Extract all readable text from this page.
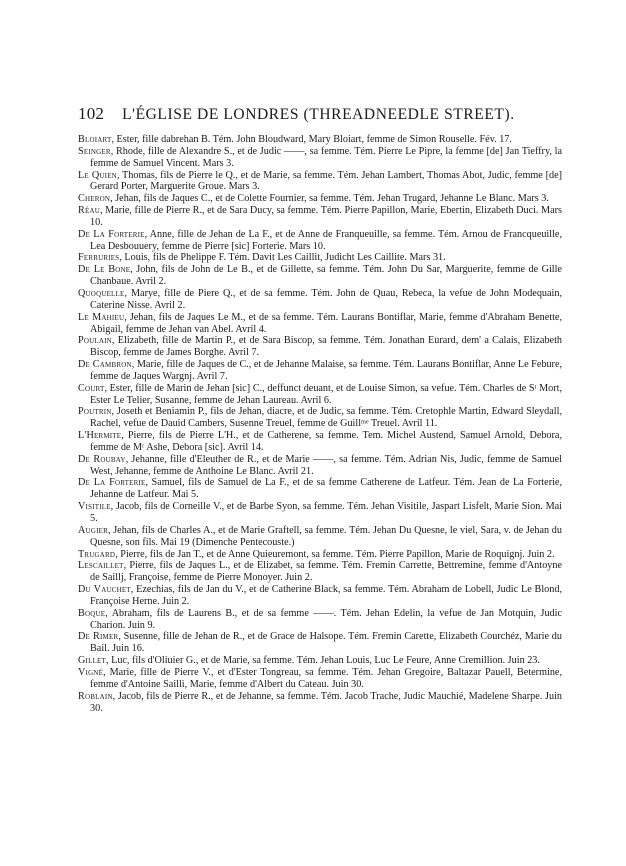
102 L'ÉGLISE DE LONDRES (THREADNEEDLE STREET).

Bloiart, Ester, fille dabrehan B. Tém. John Bloudward, Mary Bloiart, femme de Simon Rouselle. Fév. 17.

Seinger, Rhode, fille de Alexandre S., et de Judic ——, sa femme. Tém. Pierre Le Pipre, la femme [de] Jan Tieffry, la femme de Samuel Vincent. Mars 3.

Le Quien, Thomas, fils de Pierre le Q., et de Marie, sa femme. Tém. Jehan Lambert, Thomas Abot, Judic, femme [de] Gerard Porter, Marguerite Groue. Mars 3.

Cheron, Jehan, fils de Jaques C., et de Colette Fournier, sa femme. Tém. Jehan Trugard, Jehanne Le Blanc. Mars 3.

Réau, Marie, fille de Pierre R., et de Sara Ducy, sa femme. Tém. Pierre Papillon, Marie, Ebertin, Elizabeth Duci. Mars 10.

De La Forterie, Anne, fille de Jehan de La F., et de Anne de Franqueuille, sa femme. Tém. Arnou de Francqueuille, Lea Desbouuery, femme de Pierre [sic] Forterie. Mars 10.

Ferruries, Louis, fils de Phelippe F. Tém. Davit Les Caillit, Judicht Les Caillite. Mars 31.

De Le Bone, John, fils de John de Le B., et de Gillette, sa femme. Tém. John Du Sar, Marguerite, femme de Gille Chanbaue. Avril 2.

Quoquelle, Marye, fille de Piere Q., et de sa femme. Tém. John de Quau, Rebeca, la vefue de John Modequain, Caterine Nisse. Avril 2.

Le Mahieu, Jehan, fils de Jaques Le M., et de sa femme. Tém. Laurans Bontiflar, Marie, femme d'Abraham Benette, Abigail, femme de Jehan van Abel. Avril 4.

Poulain, Elizabeth, fille de Martin P., et de Sara Biscop, sa femme. Tém. Jonathan Eurard, dem' a Calais, Elizabeth Biscop, femme de James Borghe. Avril 7.

De Cambron, Marie, fille de Jaques de C., et de Jehanne Malaise, sa femme. Tém. Laurans Bontiflar, Anne Le Febure, femme de Jaques Wargnj. Avril 7.

Court, Ester, fille de Marin de Jehan [sic] C., deffunct deuant, et de Louise Simon, sa vefue. Tém. Charles de Sᵗ Mort, Ester Le Telier, Susanne, femme de Jehan Laureau. Avril 6.

Poutrin, Joseth et Beniamin P., fils de Jehan, diacre, et de Judic, sa femme. Tém. Cretophle Martin, Edward Sleydall, Rachel, vefue de Dauid Cambers, Susenne Treuel, femme de Guillᵐᵉ Treuel. Avril 11.

L'Hermite, Pierre, fils de Pierre L'H., et de Catherene, sa femme. Tem. Michel Austend, Samuel Arnold, Debora, femme de Mʳ Ashe, Debora [sic]. Avril 14.

De Roubay, Jehanne, fille d'Eleuther de R., et de Marie ——, sa femme. Tém. Adrian Nis, Judic, femme de Samuel West, Jehanne, femme de Anthoine Le Blanc. Avril 21.

De La Forterie, Samuel, fils de Samuel de La F., et de sa femme Catherene de Latfeur. Tém. Jean de La Forterie, Jehanne de Latfeur. Mai 5.

Visitile, Jacob, fils de Corneille V., et de Barbe Syon, sa femme. Tém. Jehan Visitile, Jaspart Lisfelt, Marie Sion. Mai 5.

Augier, Jehan, fils de Charles A., et de Marie Graftell, sa femme. Tém. Jehan Du Quesne, le viel, Sara, v. de Jehan du Quesne, son fils. Mai 19 (Dimenche Pentecouste.)

Trugard, Pierre, fils de Jan T., et de Anne Quieuremont, sa femme. Tém. Pierre Papillon, Marie de Roquignj. Juin 2.

Lescaillet, Pierre, fils de Jaques L., et de Elizabet, sa femme. Tém. Fremin Carrette, Bettremine, femme d'Antoyne de Saillj, Françoise, femme de Pierre Monoyer. Juin 2.

Du Vauchet, Ezechias, fils de Jan du V., et de Catherine Black, sa femme. Tém. Abraham de Lobell, Judic Le Blond, Françoise Herne. Juin 2.

Boque, Abraham, fils de Laurens B., et de sa femme ——. Tém. Jehan Edelin, la vefue de Jan Motquin, Judic Charion. Juin 9.

De Rimer, Susenne, fille de Jehan de R., et de Grace de Halsope. Tém. Fremin Carette, Elizabeth Courchéz, Marie du Bail. Juin 16.

Gillet, Luc, fils d'Oliuier G., et de Marie, sa femme. Tém. Jehan Louis, Luc Le Feure, Anne Cremillion. Juin 23.

Vigné, Marie, fille de Pierre V., et d'Ester Tongreau, sa femme. Tém. Jehan Gregoire, Baltazar Pauell, Betermine, femme d'Antoine Sailli, Marie, femme d'Albert du Cateau. Juin 30.

Roblain, Jacob, fils de Pierre R., et de Jehanne, sa femme. Tém. Jacob Trache, Judic Mauchié, Madelene Sharpe. Juin 30.
